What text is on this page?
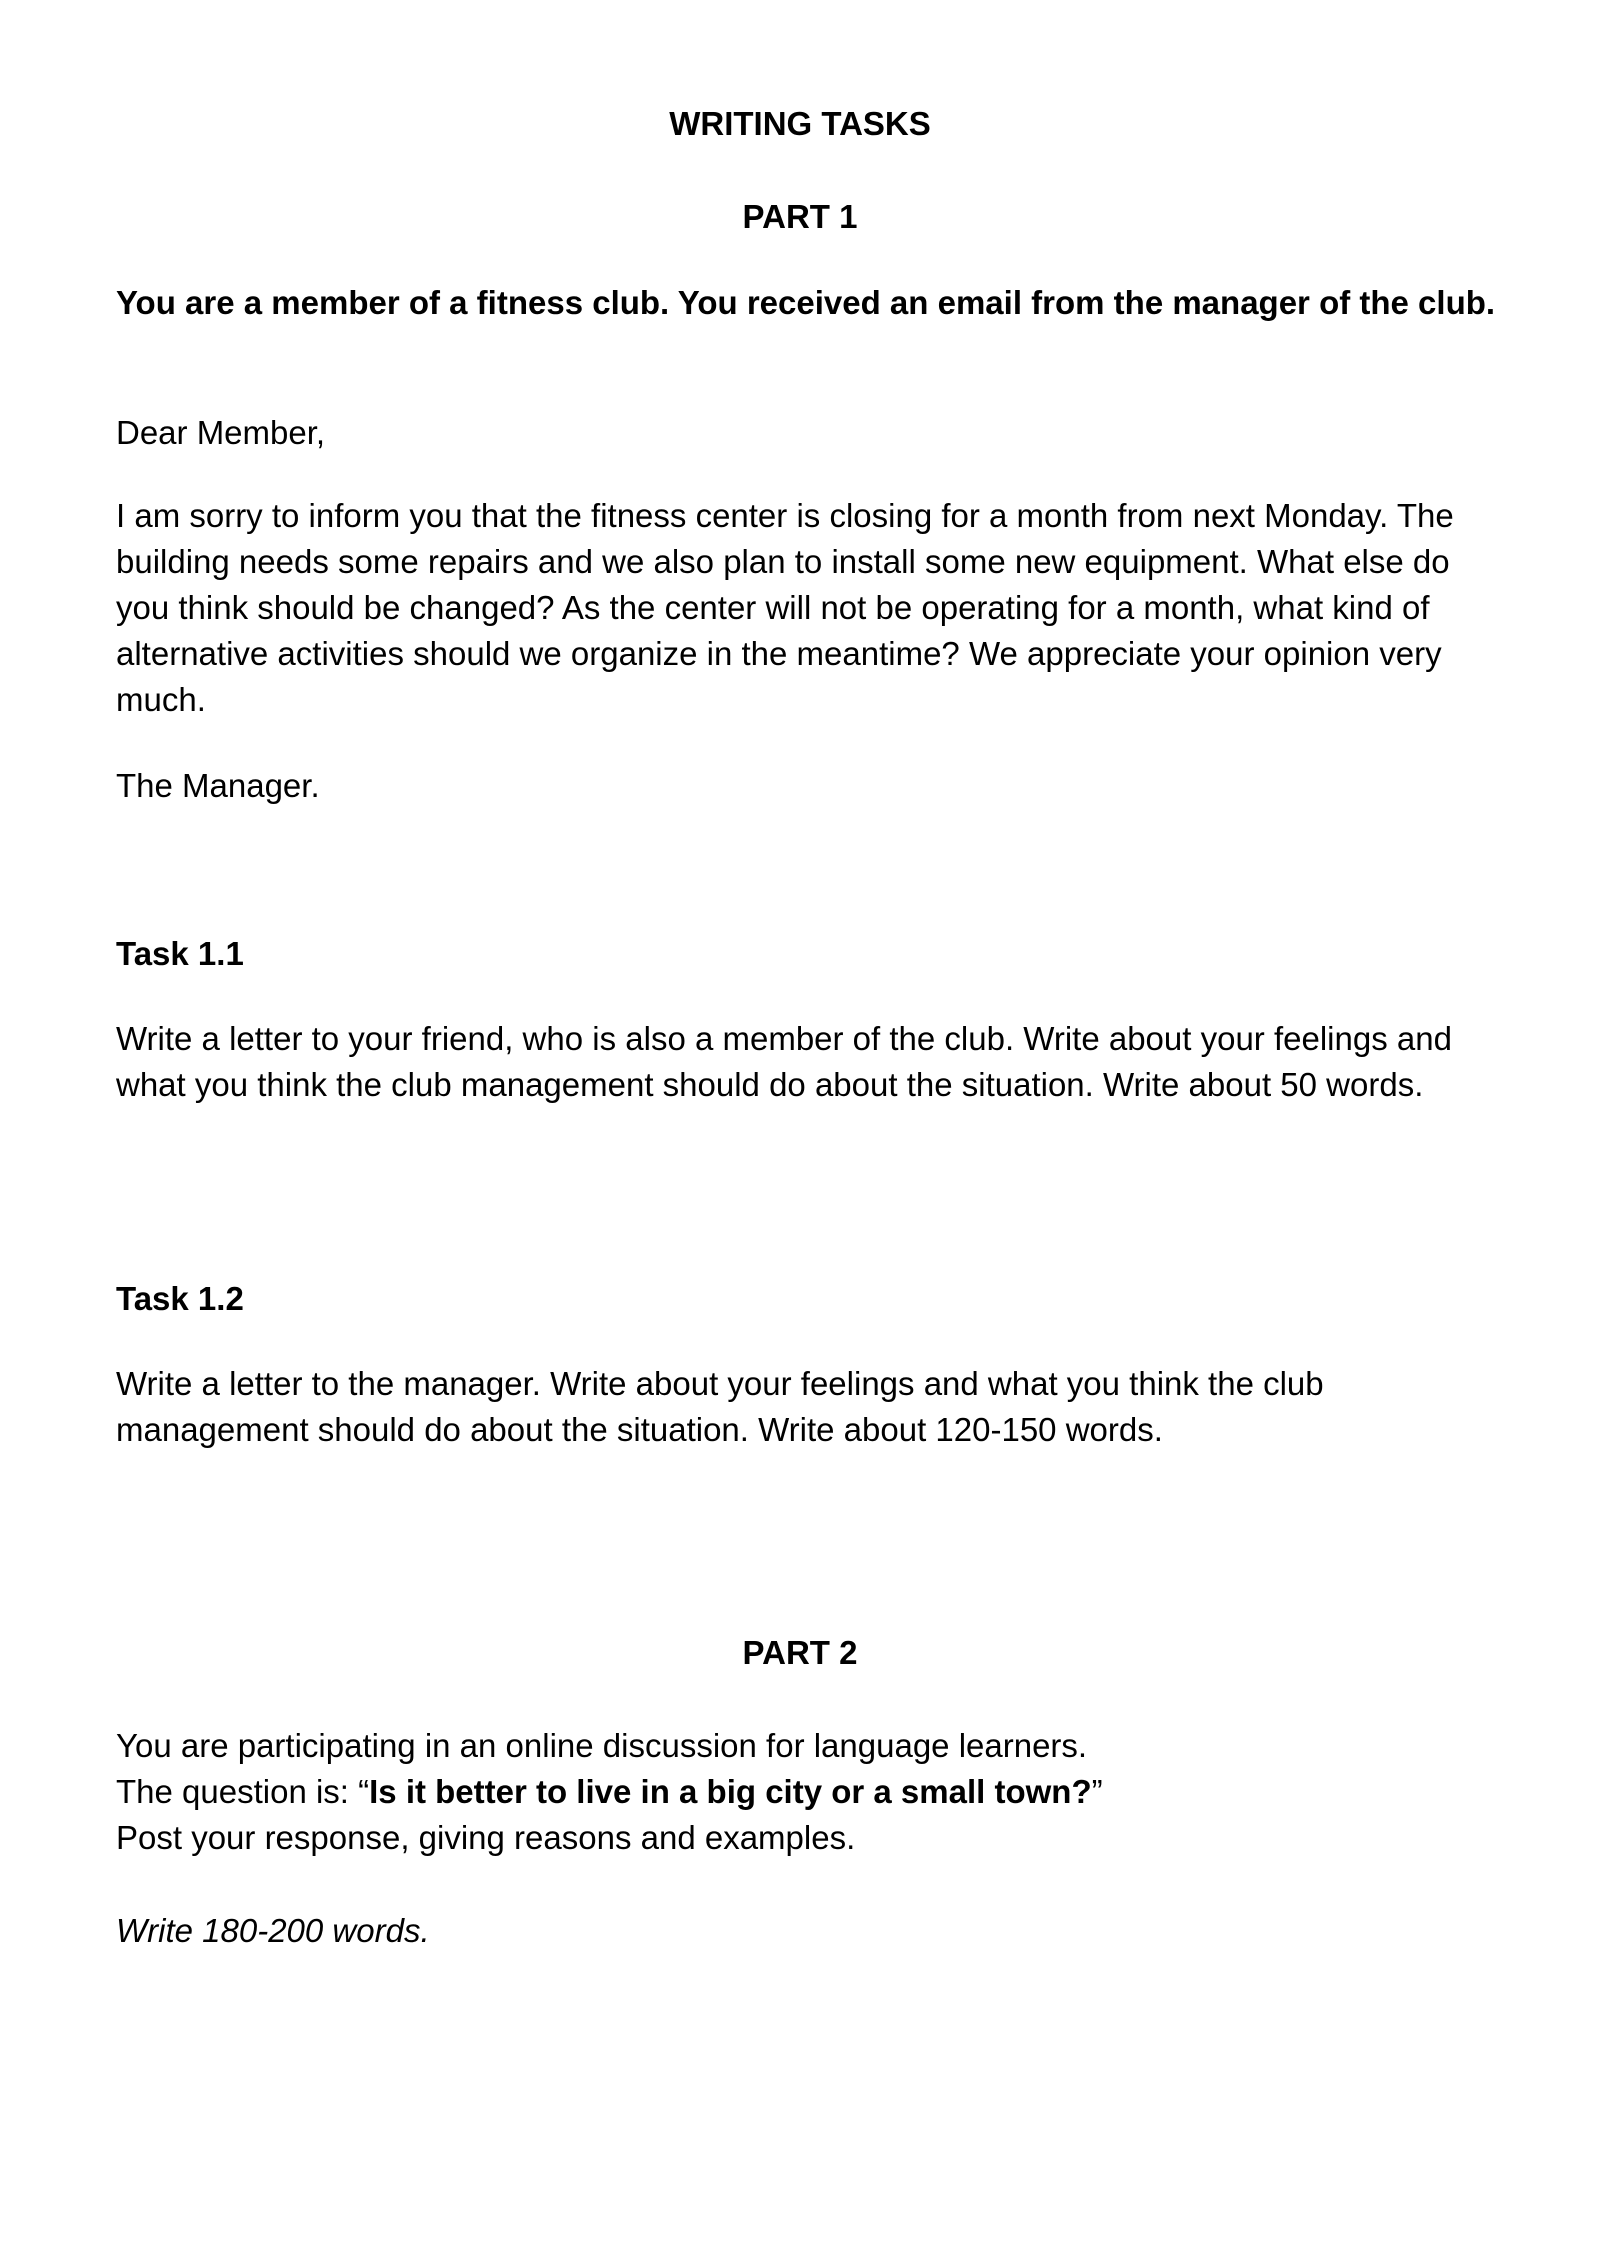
WRITING TASKS

PART 1

You are a member of a fitness club. You received an email from the manager of the club.

Dear Member,

I am sorry to inform you that the fitness center is closing for a month from next Monday. The building needs some repairs and we also plan to install some new equipment. What else do you think should be changed? As the center will not be operating for a month, what kind of alternative activities should we organize in the meantime? We appreciate your opinion very much.

The Manager.

Task 1.1

Write a letter to your friend, who is also a member of the club. Write about your feelings and what you think the club management should do about the situation. Write about 50 words.

Task 1.2

Write a letter to the manager. Write about your feelings and what you think the club management should do about the situation. Write about 120-150 words.

PART 2

You are participating in an online discussion for language learners.

The question is: “Is it better to live in a big city or a small town?”

Post your response, giving reasons and examples.

Write 180-200 words.
